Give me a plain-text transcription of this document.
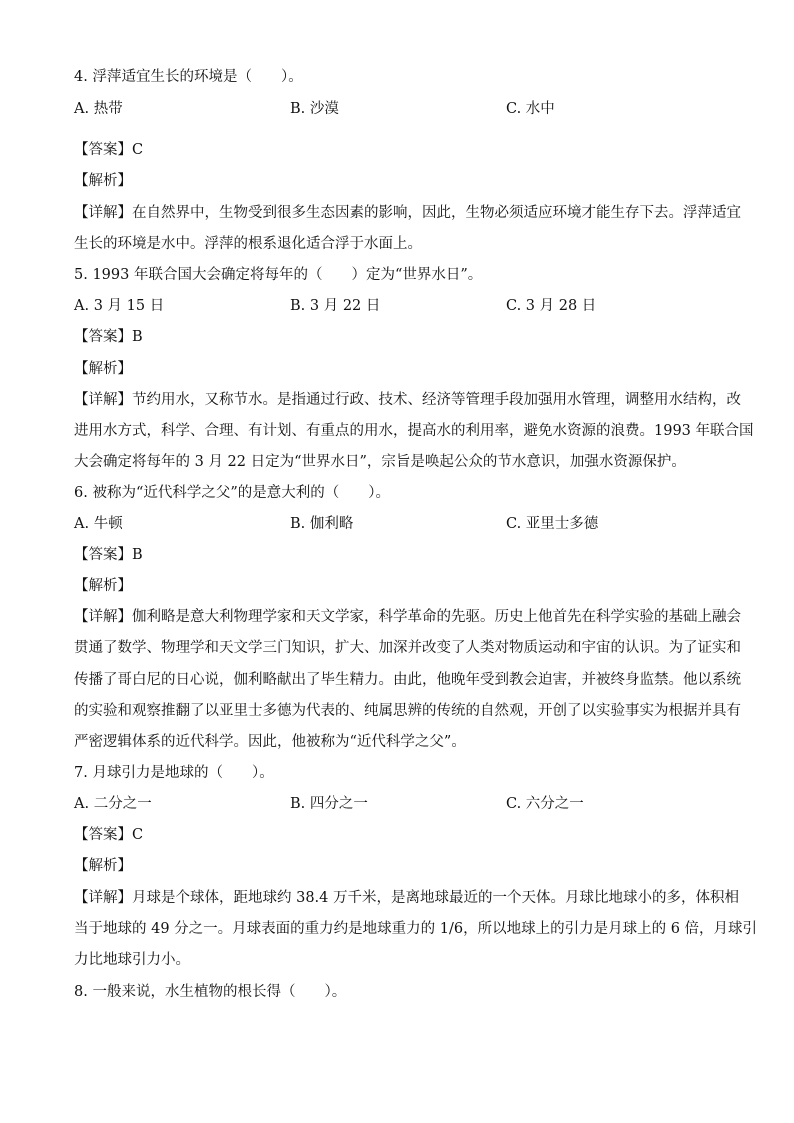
4. 浮萍适宜生长的环境是（　　）。
A. 热带	B. 沙漠	C. 水中
【答案】C
【解析】
【详解】在自然界中，生物受到很多生态因素的影响，因此，生物必须适应环境才能生存下去。浮萍适宜
生长的环境是水中。浮萍的根系退化适合浮于水面上。
5. 1993 年联合国大会确定将每年的（　　）定为“世界水日”。
A. 3 月 15 日	B. 3 月 22 日	C. 3 月 28 日
【答案】B
【解析】
【详解】节约用水，又称节水。是指通过行政、技术、经济等管理手段加强用水管理，调整用水结构，改
进用水方式，科学、合理、有计划、有重点的用水，提高水的利用率，避免水资源的浪费。1993 年联合国
大会确定将每年的 3 月 22 日定为“世界水日”，宗旨是唤起公众的节水意识，加强水资源保护。
6. 被称为“近代科学之父”的是意大利的（　　）。
A. 牛顿	B. 伽利略	C. 亚里士多德
【答案】B
【解析】
【详解】伽利略是意大利物理学家和天文学家，科学革命的先驱。历史上他首先在科学实验的基础上融会
贯通了数学、物理学和天文学三门知识，扩大、加深并改变了人类对物质运动和宇宙的认识。为了证实和
传播了哥白尼的日心说，伽利略献出了毕生精力。由此，他晚年受到教会迫害，并被终身监禁。他以系统
的实验和观察推翻了以亚里士多德为代表的、纯属思辨的传统的自然观，开创了以实验事实为根据并具有
严密逻辑体系的近代科学。因此，他被称为“近代科学之父”。
7. 月球引力是地球的（　　）。
A. 二分之一	B. 四分之一	C. 六分之一
【答案】C
【解析】
【详解】月球是个球体，距地球约 38.4 万千米，是离地球最近的一个天体。月球比地球小的多，体积相
当于地球的 49 分之一。月球表面的重力约是地球重力的 1/6，所以地球上的引力是月球上的 6 倍，月球引
力比地球引力小。
8. 一般来说，水生植物的根长得（　　）。
